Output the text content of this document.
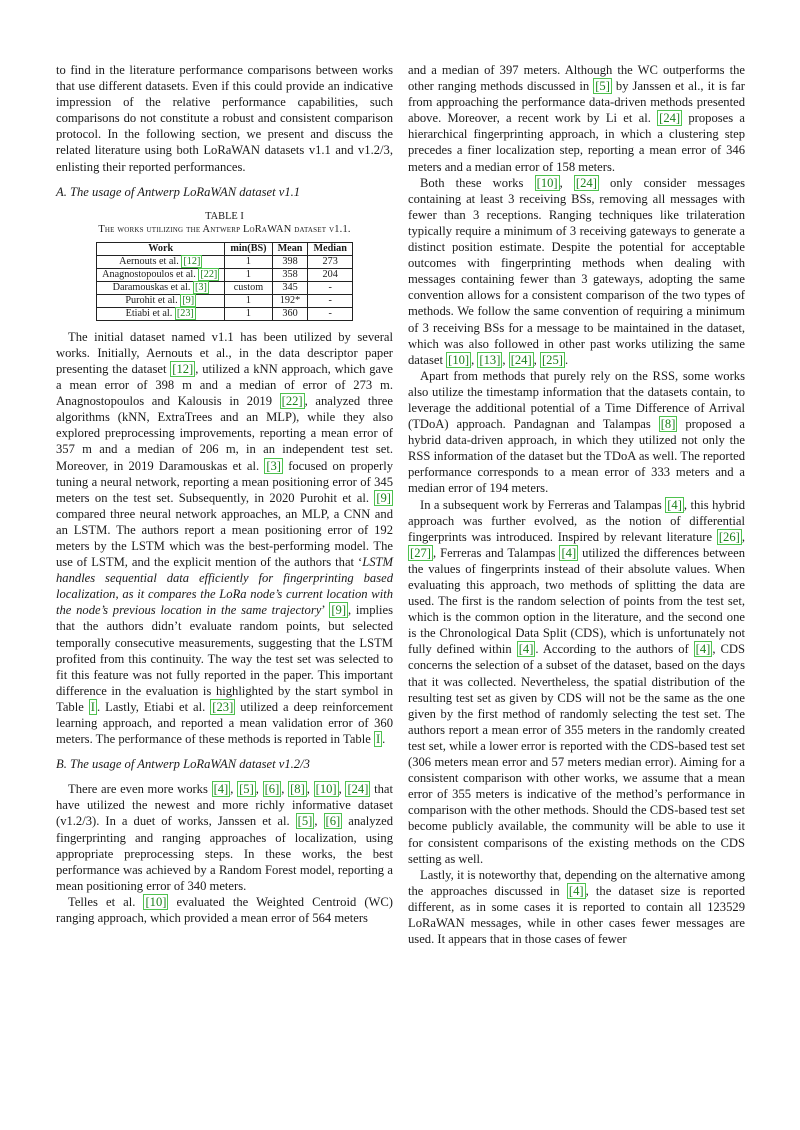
to find in the literature performance comparisons between works that use different datasets. Even if this could provide an indicative impression of the relative performance capabilities, such comparisons do not constitute a robust and consistent comparison protocol. In the following section, we present and discuss the related literature using both LoRaWAN datasets v1.1 and v1.2/3, enlisting their reported performances.

A. The usage of Antwerp LoRaWAN dataset v1.1
TABLE I
The works utilizing the Antwerp LoRaWAN dataset v1.1.
Work	min(BS)	Mean	Median
Aernouts et al. [12]	1	398	273
Anagnostopoulos et al. [22]	1	358	204
Daramouskas et al. [3]	custom	345	-
Purohit et al. [9]	1	192*	-
Etiabi et al. [23]	1	360	-

The initial dataset named v1.1 has been utilized by several works. Initially, Aernouts et al., in the data descriptor paper presenting the dataset [12] , utilized a kNN approach, which gave a mean error of 398 m and a median of error of 273 m. Anagnostopoulos and Kalousis in 2019 [22] , analyzed three algorithms (kNN, ExtraTrees and an MLP), while they also explored preprocessing improvements, reporting a mean error of 357 m and a median of 206 m, in an independent test set. Moreover, in 2019 Daramouskas et al. [3] focused on properly tuning a neural network, reporting a mean positioning error of 345 meters on the test set. Subsequently, in 2020 Purohit et al. [9] compared three neural network approaches, an MLP, a CNN and an LSTM. The authors report a mean positioning error of 192 meters by the LSTM which was the best-performing model. The use of LSTM, and the explicit mention of the authors that ‘LSTM handles sequential data efficiently for fingerprinting based localization, as it compares the LoRa node’s current location with the node’s previous location in the same trajectory’ [9] , implies that the authors didn’t evaluate random points, but selected temporally consecutive measurements, suggesting that the LSTM profited from this continuity. The way the test set was selected to fit this feature was not fully reported in the paper. This important difference in the evaluation is highlighted by the start symbol in Table I . Lastly, Etiabi et al. [23] utilized a deep reinforcement learning approach, and reported a mean validation error of 360 meters. The performance of these methods is reported in Table I .

B. The usage of Antwerp LoRaWAN dataset v1.2/3

There are even more works [4] , [5] , [6] , [8] , [10] , [24] that have utilized the newest and more richly informative dataset (v1.2/3). In a duet of works, Janssen et al. [5] , [6] analyzed fingerprinting and ranging approaches of localization, using appropriate preprocessing steps. In these works, the best performance was achieved by a Random Forest model, reporting a mean positioning error of 340 meters.

Telles et al. [10] evaluated the Weighted Centroid (WC) ranging approach, which provided a mean error of 564 meters

and a median of 397 meters. Although the WC outperforms the other ranging methods discussed in [5] by Janssen et al., it is far from approaching the performance data-driven methods presented above. Moreover, a recent work by Li et al. [24] proposes a hierarchical fingerprinting approach, in which a clustering step precedes a finer localization step, reporting a mean error of 346 meters and a median error of 158 meters.

Both these works [10] , [24] only consider messages containing at least 3 receiving BSs, removing all messages with fewer than 3 receptions. Ranging techniques like trilateration typically require a minimum of 3 receiving gateways to generate a distinct position estimate. Despite the potential for acceptable outcomes with fingerprinting methods when dealing with messages containing fewer than 3 gateways, adopting the same convention allows for a consistent comparison of the two types of methods. We follow the same convention of requiring a minimum of 3 receiving BSs for a message to be maintained in the dataset, which was also followed in other past works utilizing the same dataset [10] , [13] , [24] , [25] .

Apart from methods that purely rely on the RSS, some works also utilize the timestamp information that the datasets contain, to leverage the additional potential of a Time Difference of Arrival (TDoA) approach. Pandagnan and Talampas [8] proposed a hybrid data-driven approach, in which they utilized not only the RSS information of the dataset but the TDoA as well. The reported performance corresponds to a mean error of 333 meters and a median error of 194 meters.

In a subsequent work by Ferreras and Talampas [4] , this hybrid approach was further evolved, as the notion of differential fingerprints was introduced. Inspired by relevant literature [26] , [27] , Ferreras and Talampas [4] utilized the differences between the values of fingerprints instead of their absolute values. When evaluating this approach, two methods of splitting the data are used. The first is the random selection of points from the test set, which is the common option in the literature, and the second one is the Chronological Data Split (CDS), which is unfortunately not fully defined within [4] . According to the authors of [4] , CDS concerns the selection of a subset of the dataset, based on the days that it was collected. Nevertheless, the spatial distribution of the resulting test set as given by CDS will not be the same as the one given by the first method of randomly selecting the test set. The authors report a mean error of 355 meters in the randomly created test set, while a lower error is reported with the CDS-based test set (306 meters mean error and 57 meters median error). Aiming for a consistent comparison with other works, we assume that a mean error of 355 meters is indicative of the method’s performance in comparison with the other methods. Should the CDS-based test set become publicly available, the community will be able to use it for consistent comparisons of the existing methods on the CDS setting as well.

Lastly, it is noteworthy that, depending on the alternative among the approaches discussed in [4] , the dataset size is reported different, as in some cases it is reported to contain all 123529 LoRaWAN messages, while in other cases fewer messages are used. It appears that in those cases of fewer
